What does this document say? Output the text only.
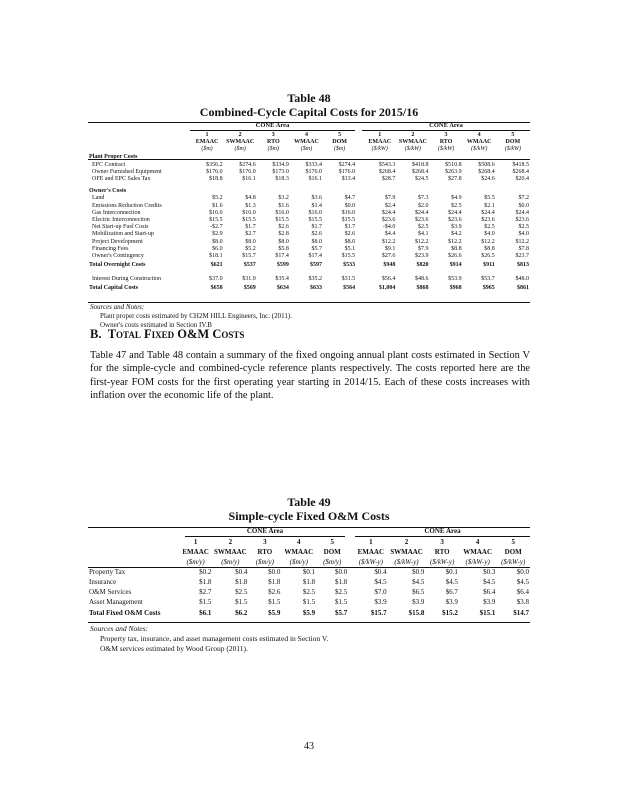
Table 48
Combined-Cycle Capital Costs for 2015/16
CONE Area	CONE Area
	1	2	3	4	5		1	2	3	4	5
	EMAAC	SWMAAC	RTO	WMAAC	DOM		EMAAC	SWMAAC	RTO	WMAAC	DOM
	($m)	($m)	($m)	($m)	($m)		($/kW)	($/kW)	($/kW)	($/kW)	($/kW)
Plant Proper Costs											
EPC Contract	$356.2	$274.6	$334.9	$333.4	$274.4		$543.3	$418.8	$510.8	$508.6	$418.5
Owner Furnished Equipment	$176.0	$176.0	$173.0	$176.0	$176.0		$268.4	$268.4	$263.9	$268.4	$268.4
OFE and EPC Sales Tax	$18.8	$16.1	$18.3	$16.1	$13.4		$28.7	$24.5	$27.8	$24.6	$20.4

Owner's Costs											
Land	$5.2	$4.8	$3.2	$3.6	$4.7		$7.9	$7.3	$4.9	$5.5	$7.2
Emissions Reduction Credits	$1.6	$1.3	$1.6	$1.4	$0.0		$2.4	$2.0	$2.5	$2.1	$0.0
Gas Interconnection	$16.0	$16.0	$16.0	$16.0	$16.0		$24.4	$24.4	$24.4	$24.4	$24.4
Electric Interconnection	$15.5	$15.5	$15.5	$15.5	$15.5		$23.6	$23.6	$23.6	$23.6	$23.6
Net Start-up Fuel Costs	-$2.7	$1.7	$2.6	$1.7	$1.7		-$4.0	$2.5	$3.9	$2.5	$2.5
Mobilization and Start-up	$2.9	$2.7	$2.8	$2.6	$2.6		$4.4	$4.1	$4.2	$4.0	$4.0
Project Development	$8.0	$8.0	$8.0	$8.0	$8.0		$12.2	$12.2	$12.2	$12.2	$12.2
Financing Fees	$6.0	$5.2	$5.8	$5.7	$5.1		$9.1	$7.9	$8.8	$8.8	$7.8
Owner's Contingency	$18.1	$15.7	$17.4	$17.4	$15.5		$27.6	$23.9	$26.6	$26.5	$23.7
Total Overnight Costs	$621	$537	$599	$597	$533		$948	$820	$914	$911	$813

Interest During Construction	$37.0	$31.9	$35.4	$35.2	$31.5		$56.4	$48.6	$53.9	$53.7	$48.0
Total Capital Costs	$658	$569	$634	$633	$564		$1,004	$868	$968	$965	$861
Sources and Notes:
Plant proper costs estimated by CH2M HILL Engineers, Inc. (2011).
Owner's costs estimated in Section IV.B
B. Total Fixed O&M Costs
Table 47 and Table 48 contain a summary of the fixed ongoing annual plant costs estimated in Section V for the simple-cycle and combined-cycle reference plants respectively. The costs reported here are the first-year FOM costs for the first operating year starting in 2014/15. Each of these costs increases with inflation over the economic life of the plant.
Table 49
Simple-cycle Fixed O&M Costs
CONE Area	CONE Area
	1	2	3	4	5		1	2	3	4	5
	EMAAC	SWMAAC	RTO	WMAAC	DOM		EMAAC	SWMAAC	RTO	WMAAC	DOM
	($m/y)	($m/y)	($m/y)	($m/y)	($m/y)		($/kW-y)	($/kW-y)	($/kW-y)	($/kW-y)	($/kW-y)
Property Tax	$0.2	$0.4	$0.0	$0.1	$0.0		$0.4	$0.9	$0.1	$0.3	$0.0
Insurance	$1.8	$1.8	$1.8	$1.8	$1.8		$4.5	$4.5	$4.5	$4.5	$4.5
O&M Services	$2.7	$2.5	$2.6	$2.5	$2.5		$7.0	$6.5	$6.7	$6.4	$6.4
Asset Management	$1.5	$1.5	$1.5	$1.5	$1.5		$3.9	$3.9	$3.9	$3.9	$3.8
Total Fixed O&M Costs	$6.1	$6.2	$5.9	$5.9	$5.7		$15.7	$15.8	$15.2	$15.1	$14.7
Sources and Notes:
Property tax, insurance, and asset management costs estimated in Section V.
O&M services estimated by Wood Group (2011).
43
